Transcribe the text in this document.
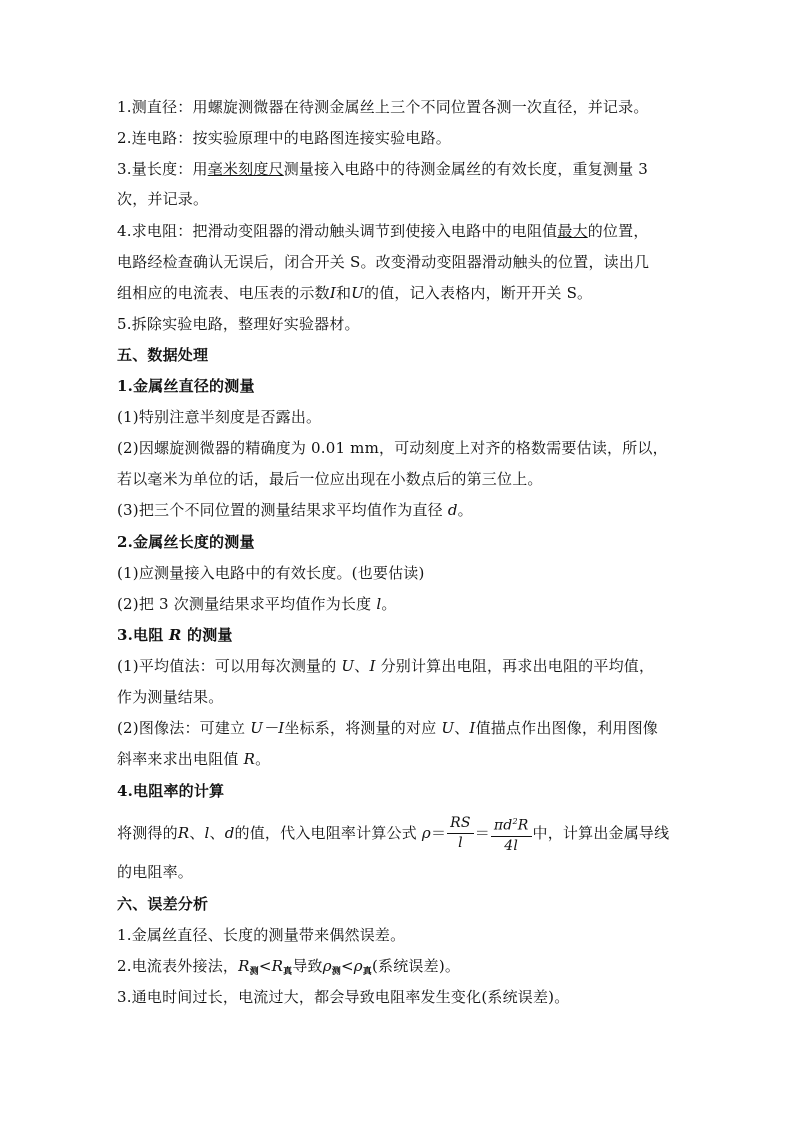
1.测直径：用螺旋测微器在待测金属丝上三个不同位置各测一次直径，并记录。
2.连电路：按实验原理中的电路图连接实验电路。
3.量长度：用毫米刻度尺测量接入电路中的待测金属丝的有效长度，重复测量 3
次，并记录。
4.求电阻：把滑动变阻器的滑动触头调节到使接入电路中的电阻值最大的位置，
电路经检查确认无误后，闭合开关 S。改变滑动变阻器滑动触头的位置，读出几
组相应的电流表、电压表的示数I和U的值，记入表格内，断开开关 S。
5.拆除实验电路，整理好实验器材。
五、数据处理
1.金属丝直径的测量
(1)特别注意半刻度是否露出。
(2)因螺旋测微器的精确度为 0.01 mm，可动刻度上对齐的格数需要估读，所以，
若以毫米为单位的话，最后一位应出现在小数点后的第三位上。
(3)把三个不同位置的测量结果求平均值作为直径 d。
2.金属丝长度的测量
(1)应测量接入电路中的有效长度。(也要估读)
(2)把 3 次测量结果求平均值作为长度 l。
3.电阻 R 的测量
(1)平均值法：可以用每次测量的 U、I 分别计算出电阻，再求出电阻的平均值，
作为测量结果。
(2)图像法：可建立 U－I坐标系，将测量的对应 U、I值描点作出图像，利用图像
斜率来求出电阻值 R。
4.电阻率的计算
将测得的R、l、d的值，代入电阻率计算公式 $\rho= \frac{RS}{l} = \frac{\pi d^2R}{4l}$ 中，计算出金属导线
的电阻率。
六、误差分析
1.金属丝直径、长度的测量带来偶然误差。
2.电流表外接法，$R_测<R_真$导致$\rho_测<\rho_真$(系统误差)。
3.通电时间过长，电流过大，都会导致电阻率发生变化(系统误差)。
